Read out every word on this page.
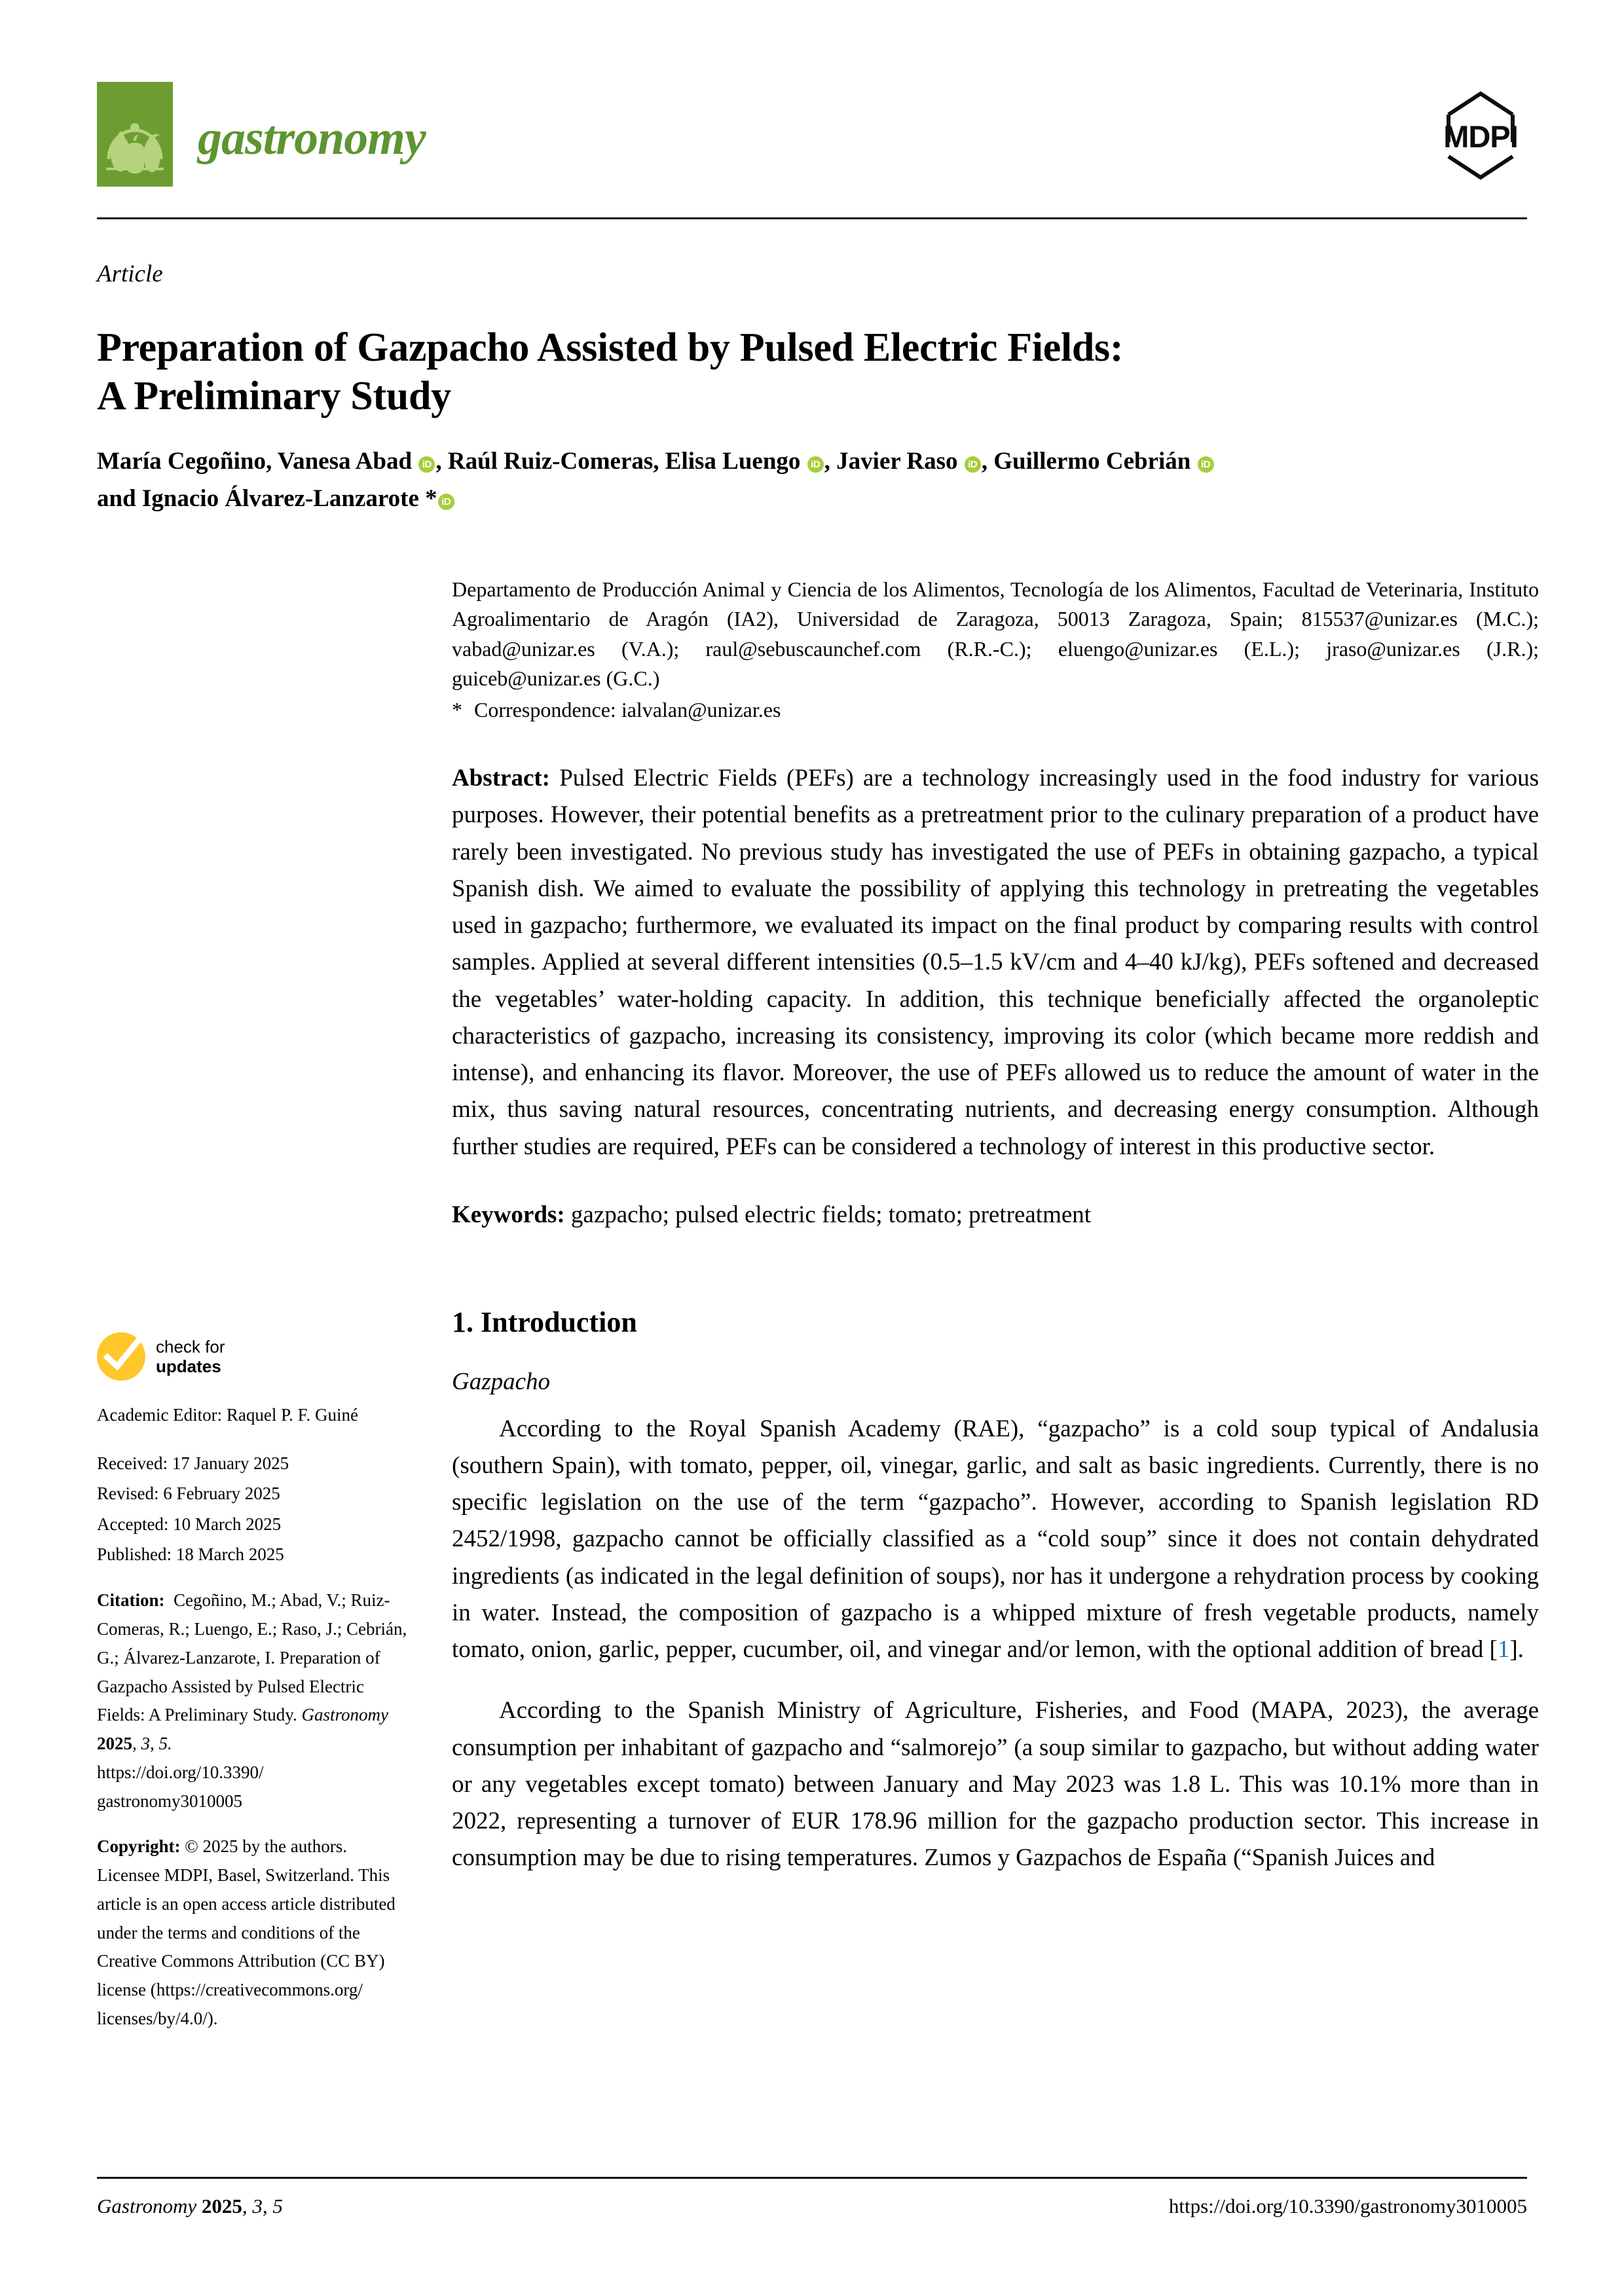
gastronomy	MDPI
Article
Preparation of Gazpacho Assisted by Pulsed Electric Fields:
A Preliminary Study
María Cegoñino, Vanesa Abad iD , Raúl Ruiz-Comeras, Elisa Luengo iD , Javier Raso iD , Guillermo Cebrián iD
and Ignacio Álvarez-Lanzarote * iD
check for
updates
Academic Editor: Raquel P. F. Guiné
Received: 17 January 2025
Revised: 6 February 2025
Accepted: 10 March 2025
Published: 18 March 2025
Citation: Cegoñino, M.; Abad, V.; Ruiz-Comeras, R.; Luengo, E.; Raso, J.; Cebrián, G.; Álvarez-Lanzarote, I. Preparation of Gazpacho Assisted by Pulsed Electric Fields: A Preliminary Study. Gastronomy 2025, 3, 5.
https://doi.org/10.3390/
gastronomy3010005
Copyright: © 2025 by the authors. Licensee MDPI, Basel, Switzerland. This article is an open access article distributed under the terms and conditions of the Creative Commons Attribution (CC BY) license (https://creativecommons.org/ licenses/by/4.0/).
Departamento de Producción Animal y Ciencia de los Alimentos, Tecnología de los Alimentos, Facultad de Veterinaria, Instituto Agroalimentario de Aragón (IA2), Universidad de Zaragoza, 50013 Zaragoza, Spain; 815537@unizar.es (M.C.); vabad@unizar.es (V.A.); raul@sebuscaunchef.com (R.R.-C.); eluengo@unizar.es (E.L.); jraso@unizar.es (J.R.); guiceb@unizar.es (G.C.)
* Correspondence: ialvalan@unizar.es
Abstract: Pulsed Electric Fields (PEFs) are a technology increasingly used in the food industry for various purposes. However, their potential benefits as a pretreatment prior to the culinary preparation of a product have rarely been investigated. No previous study has investigated the use of PEFs in obtaining gazpacho, a typical Spanish dish. We aimed to evaluate the possibility of applying this technology in pretreating the vegetables used in gazpacho; furthermore, we evaluated its impact on the final product by comparing results with control samples. Applied at several different intensities (0.5–1.5 kV/cm and 4–40 kJ/kg), PEFs softened and decreased the vegetables’ water-holding capacity. In addition, this technique beneficially affected the organoleptic characteristics of gazpacho, increasing its consistency, improving its color (which became more reddish and intense), and enhancing its flavor. Moreover, the use of PEFs allowed us to reduce the amount of water in the mix, thus saving natural resources, concentrating nutrients, and decreasing energy consumption. Although further studies are required, PEFs can be considered a technology of interest in this productive sector.
Keywords: gazpacho; pulsed electric fields; tomato; pretreatment
1. Introduction
Gazpacho

According to the Royal Spanish Academy (RAE), “gazpacho” is a cold soup typical of Andalusia (southern Spain), with tomato, pepper, oil, vinegar, garlic, and salt as basic ingredients. Currently, there is no specific legislation on the use of the term “gazpacho”. However, according to Spanish legislation RD 2452/1998, gazpacho cannot be officially classified as a “cold soup” since it does not contain dehydrated ingredients (as indicated in the legal definition of soups), nor has it undergone a rehydration process by cooking in water. Instead, the composition of gazpacho is a whipped mixture of fresh vegetable products, namely tomato, onion, garlic, pepper, cucumber, oil, and vinegar and/or lemon, with the optional addition of bread [1].

According to the Spanish Ministry of Agriculture, Fisheries, and Food (MAPA, 2023), the average consumption per inhabitant of gazpacho and “salmorejo” (a soup similar to gazpacho, but without adding water or any vegetables except tomato) between January and May 2023 was 1.8 L. This was 10.1% more than in 2022, representing a turnover of EUR 178.96 million for the gazpacho production sector. This increase in consumption may be due to rising temperatures. Zumos y Gazpachos de España (“Spanish Juices and

Gastronomy 2025, 3, 5	https://doi.org/10.3390/gastronomy3010005
